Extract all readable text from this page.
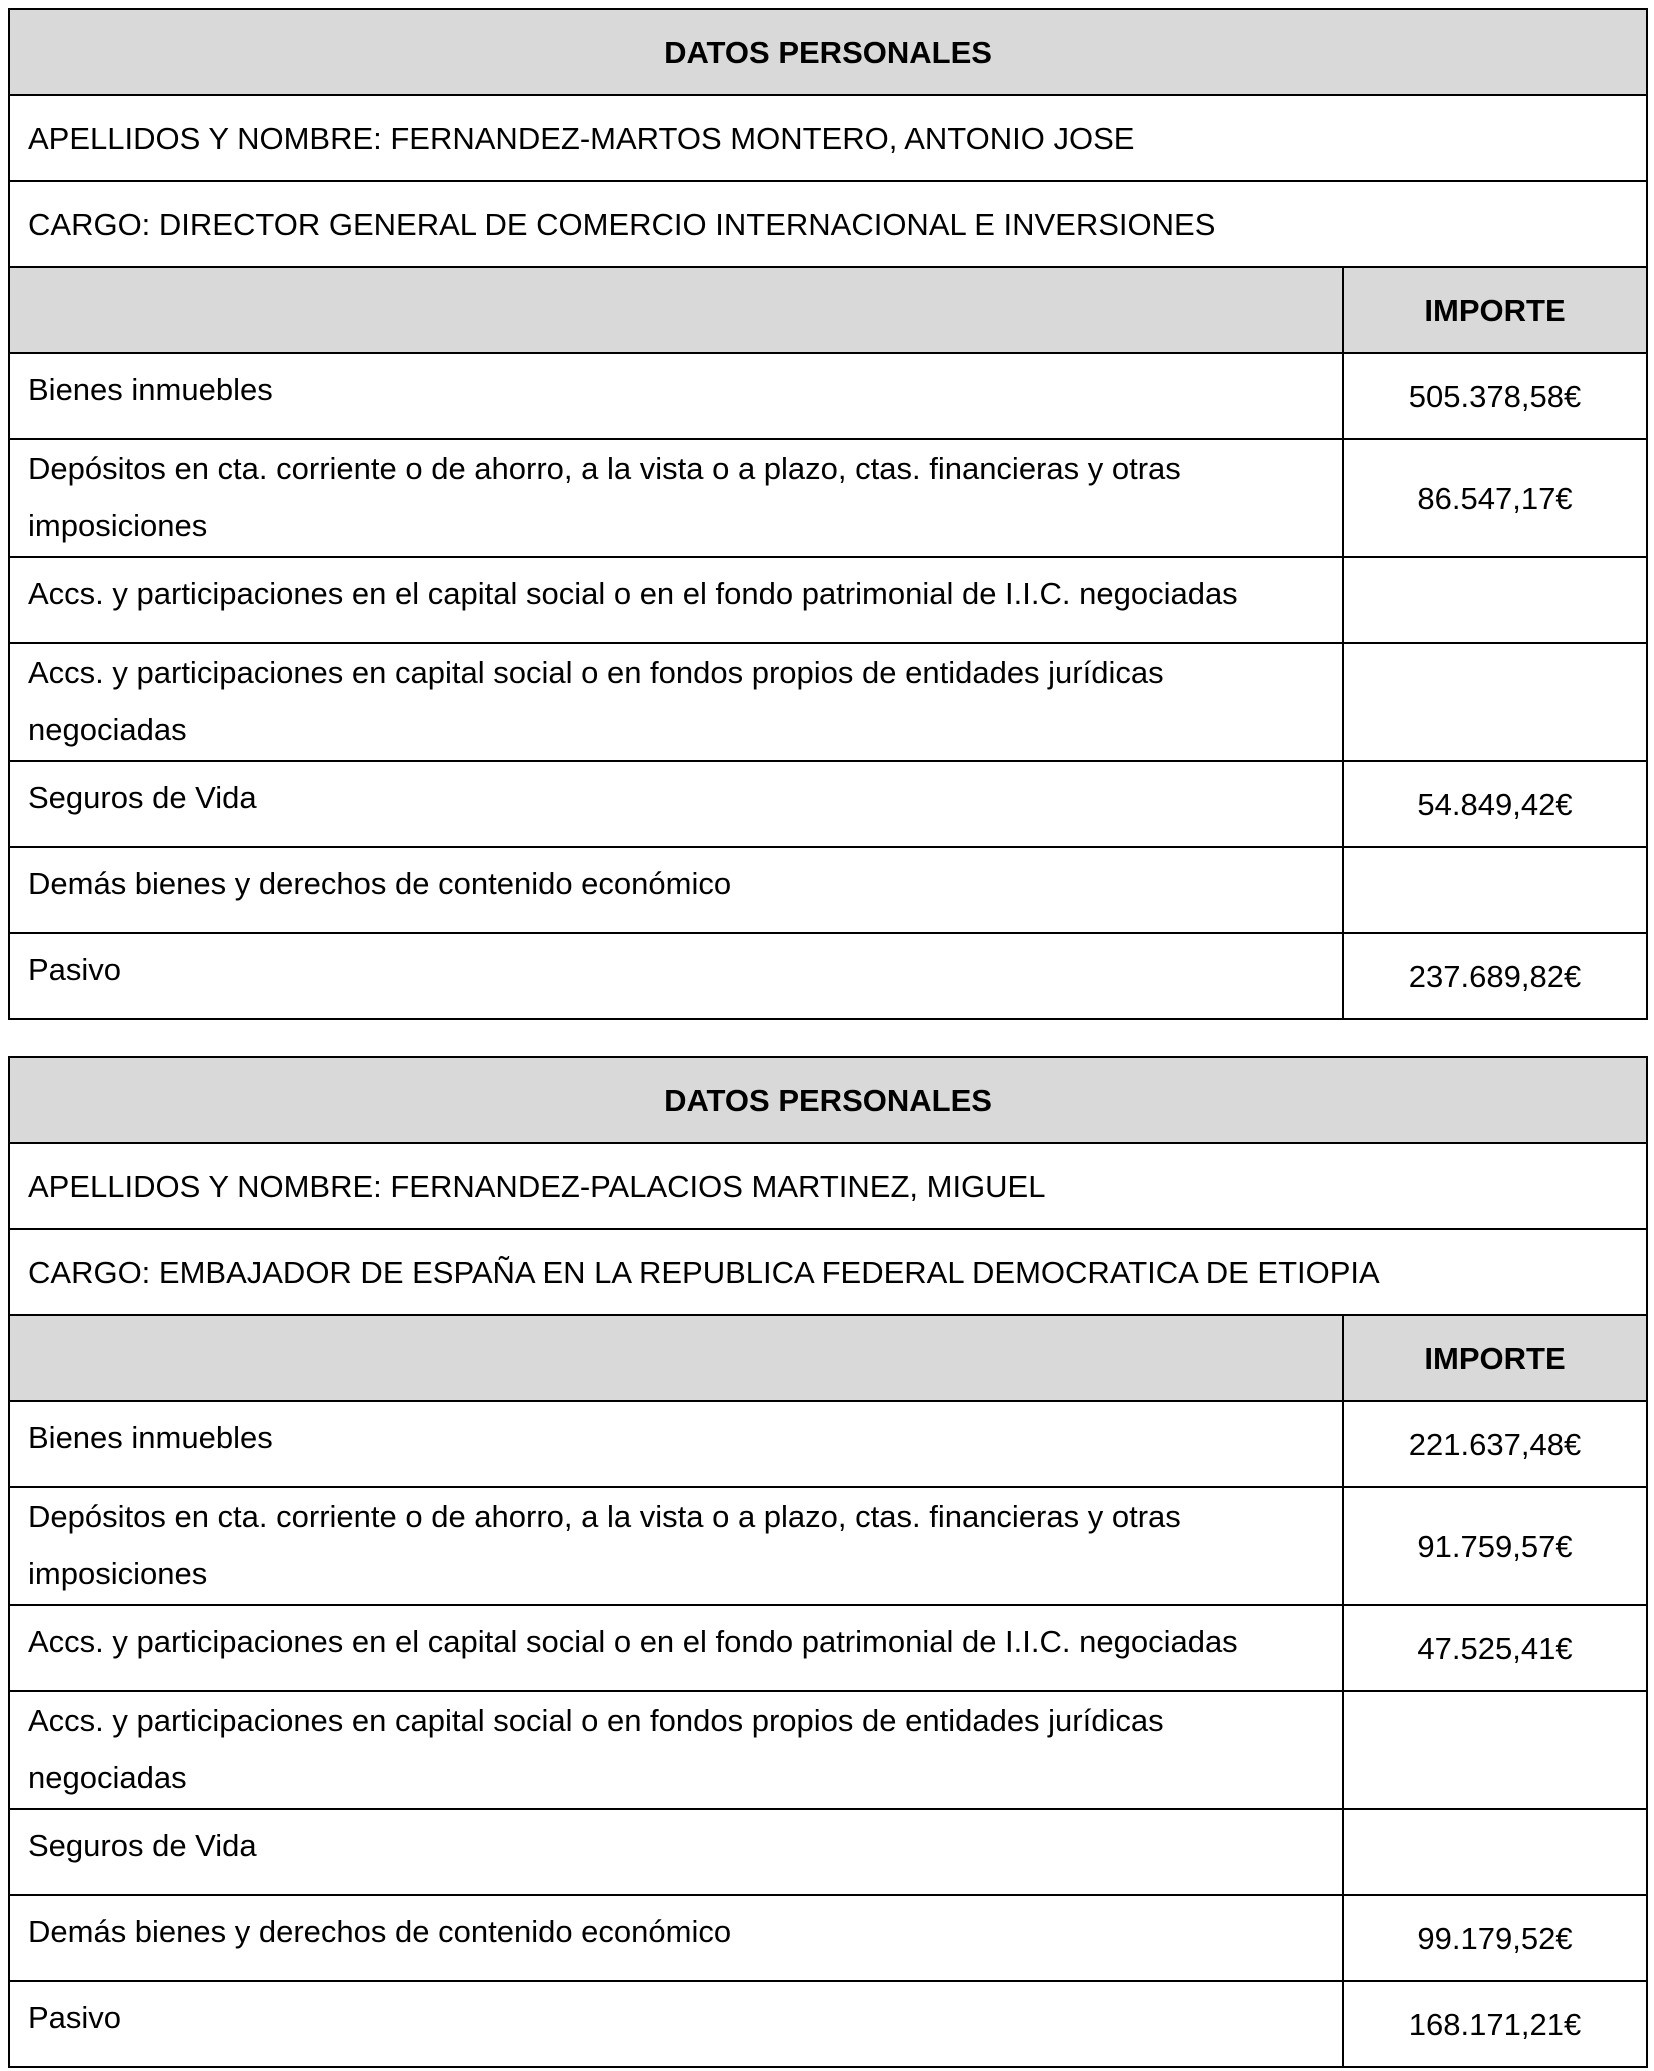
DATOS PERSONALES	
APELLIDOS Y NOMBRE: FERNANDEZ-MARTOS MONTERO, ANTONIO JOSE	
CARGO: DIRECTOR GENERAL DE COMERCIO INTERNACIONAL E INVERSIONES	
	IMPORTE
Bienes inmuebles	505.378,58€
Depósitos en cta. corriente o de ahorro, a la vista o a plazo, ctas. financieras y otras imposiciones	86.547,17€
Accs. y participaciones en el capital social o en el fondo patrimonial de I.I.C. negociadas	
Accs. y participaciones en capital social o en fondos propios de entidades jurídicas negociadas	
Seguros de Vida	54.849,42€
Demás bienes y derechos de contenido económico	
Pasivo	237.689,82€
DATOS PERSONALES	
APELLIDOS Y NOMBRE: FERNANDEZ-PALACIOS MARTINEZ, MIGUEL	
CARGO: EMBAJADOR DE ESPAÑA EN LA REPUBLICA FEDERAL DEMOCRATICA DE ETIOPIA	
	IMPORTE
Bienes inmuebles	221.637,48€
Depósitos en cta. corriente o de ahorro, a la vista o a plazo, ctas. financieras y otras imposiciones	91.759,57€
Accs. y participaciones en el capital social o en el fondo patrimonial de I.I.C. negociadas	47.525,41€
Accs. y participaciones en capital social o en fondos propios de entidades jurídicas negociadas	
Seguros de Vida	
Demás bienes y derechos de contenido económico	99.179,52€
Pasivo	168.171,21€
